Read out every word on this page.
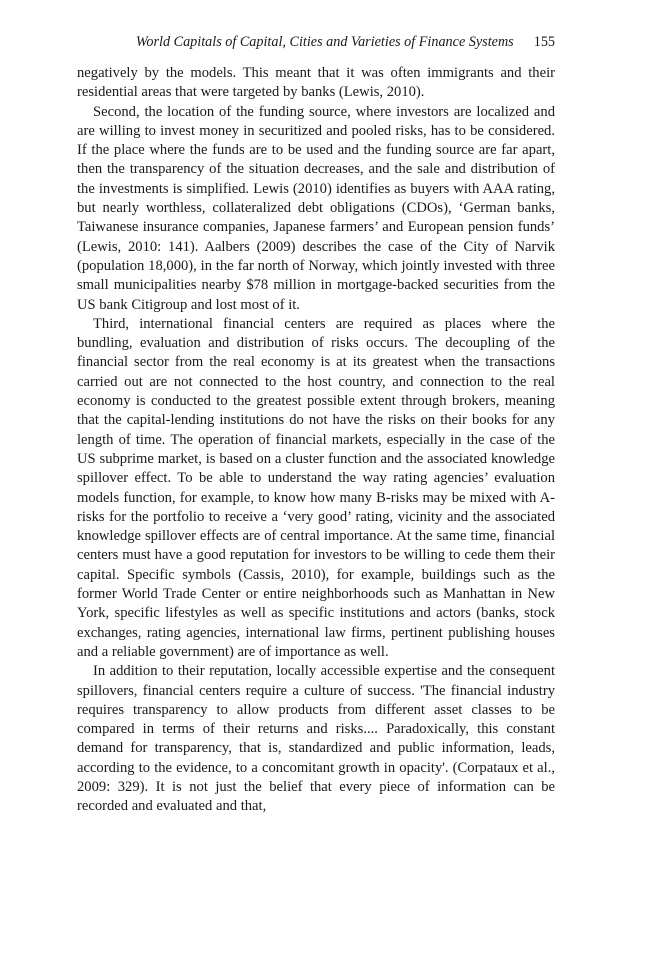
World Capitals of Capital, Cities and Varieties of Finance Systems 155

negatively by the models. This meant that it was often immigrants and their residential areas that were targeted by banks (Lewis, 2010).

Second, the location of the funding source, where investors are localized and are willing to invest money in securitized and pooled risks, has to be considered. If the place where the funds are to be used and the funding source are far apart, then the transparency of the situation decreases, and the sale and distribution of the investments is simplified. Lewis (2010) identifies as buyers with AAA rating, but nearly worthless, collateralized debt obligations (CDOs), ‘German banks, Taiwanese insurance companies, Japanese farmers’ and European pension funds’ (Lewis, 2010: 141). Aalbers (2009) describes the case of the City of Narvik (population 18,000), in the far north of Norway, which jointly invested with three small municipalities nearby $78 million in mortgage-backed securities from the US bank Citigroup and lost most of it.

Third, international financial centers are required as places where the bundling, evaluation and distribution of risks occurs. The decoupling of the financial sector from the real economy is at its greatest when the transactions carried out are not connected to the host country, and connection to the real economy is conducted to the greatest possible extent through brokers, meaning that the capital-lending institutions do not have the risks on their books for any length of time. The operation of financial markets, especially in the case of the US subprime market, is based on a cluster function and the associated knowledge spillover effect. To be able to understand the way rating agencies’ evaluation models function, for example, to know how many B-risks may be mixed with A-risks for the portfolio to receive a ‘very good’ rating, vicinity and the associated knowledge spillover effects are of central importance. At the same time, financial centers must have a good reputation for investors to be willing to cede them their capital. Specific symbols (Cassis, 2010), for example, buildings such as the former World Trade Center or entire neighborhoods such as Manhattan in New York, specific lifestyles as well as specific institutions and actors (banks, stock exchanges, rating agencies, international law firms, pertinent publishing houses and a reliable government) are of importance as well.

In addition to their reputation, locally accessible expertise and the consequent spillovers, financial centers require a culture of success. 'The financial industry requires transparency to allow products from different asset classes to be compared in terms of their returns and risks.... Paradoxically, this constant demand for transparency, that is, standardized and public information, leads, according to the evidence, to a concomitant growth in opacity'. (Corpataux et al., 2009: 329). It is not just the belief that every piece of information can be recorded and evaluated and that,
